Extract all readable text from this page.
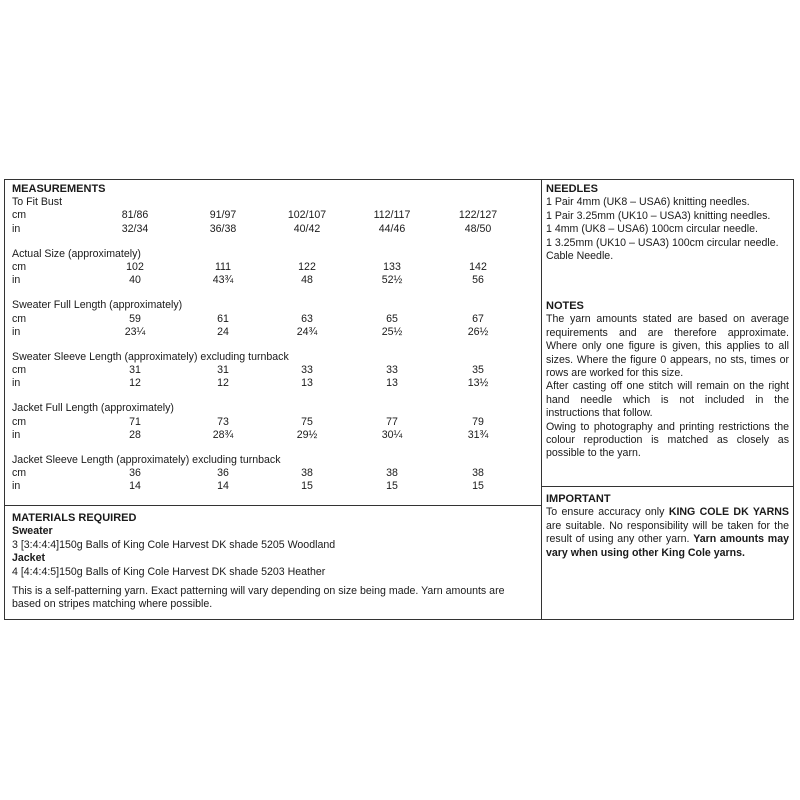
MEASUREMENTS
To Fit Bust
cm	81/86	91/97	102/107	112/117	122/127
in	32/34	36/38	40/42	44/46	48/50
Actual Size (approximately)
cm	102	111	122	133	142
in	40	43¾	48	52½	56
Sweater Full Length (approximately)
cm	59	61	63	65	67
in	23¼	24	24¾	25½	26½
Sweater Sleeve Length (approximately) excluding turnback
cm	31	31	33	33	35
in	12	12	13	13	13½
Jacket Full Length (approximately)
cm	71	73	75	77	79
in	28	28¾	29½	30¼	31¾
Jacket Sleeve Length (approximately) excluding turnback
cm	36	36	38	38	38
in	14	14	15	15	15
MATERIALS REQUIRED
Sweater
3 [3:4:4:4]150g Balls of King Cole Harvest DK shade 5205 Woodland
Jacket
4 [4:4:4:5]150g Balls of King Cole Harvest DK shade 5203 Heather
This is a self-patterning yarn. Exact patterning will vary depending on size being made. Yarn amounts are based on stripes matching where possible.
NEEDLES
1 Pair 4mm (UK8 – USA6) knitting needles.
1 Pair 3.25mm (UK10 – USA3) knitting needles.
1 4mm (UK8 – USA6) 100cm circular needle.
1 3.25mm (UK10 – USA3) 100cm circular needle.
Cable Needle.
NOTES

The yarn amounts stated are based on average requirements and are therefore approximate. Where only one figure is given, this applies to all sizes. Where the figure 0 appears, no sts, times or rows are worked for this size.

After casting off one stitch will remain on the right hand needle which is not included in the instructions that follow.

Owing to photography and printing restrictions the colour reproduction is matched as closely as possible to the yarn.

IMPORTANT

To ensure accuracy only KING COLE DK YARNS are suitable. No responsibility will be taken for the result of using any other yarn. Yarn amounts may vary when using other King Cole yarns.
